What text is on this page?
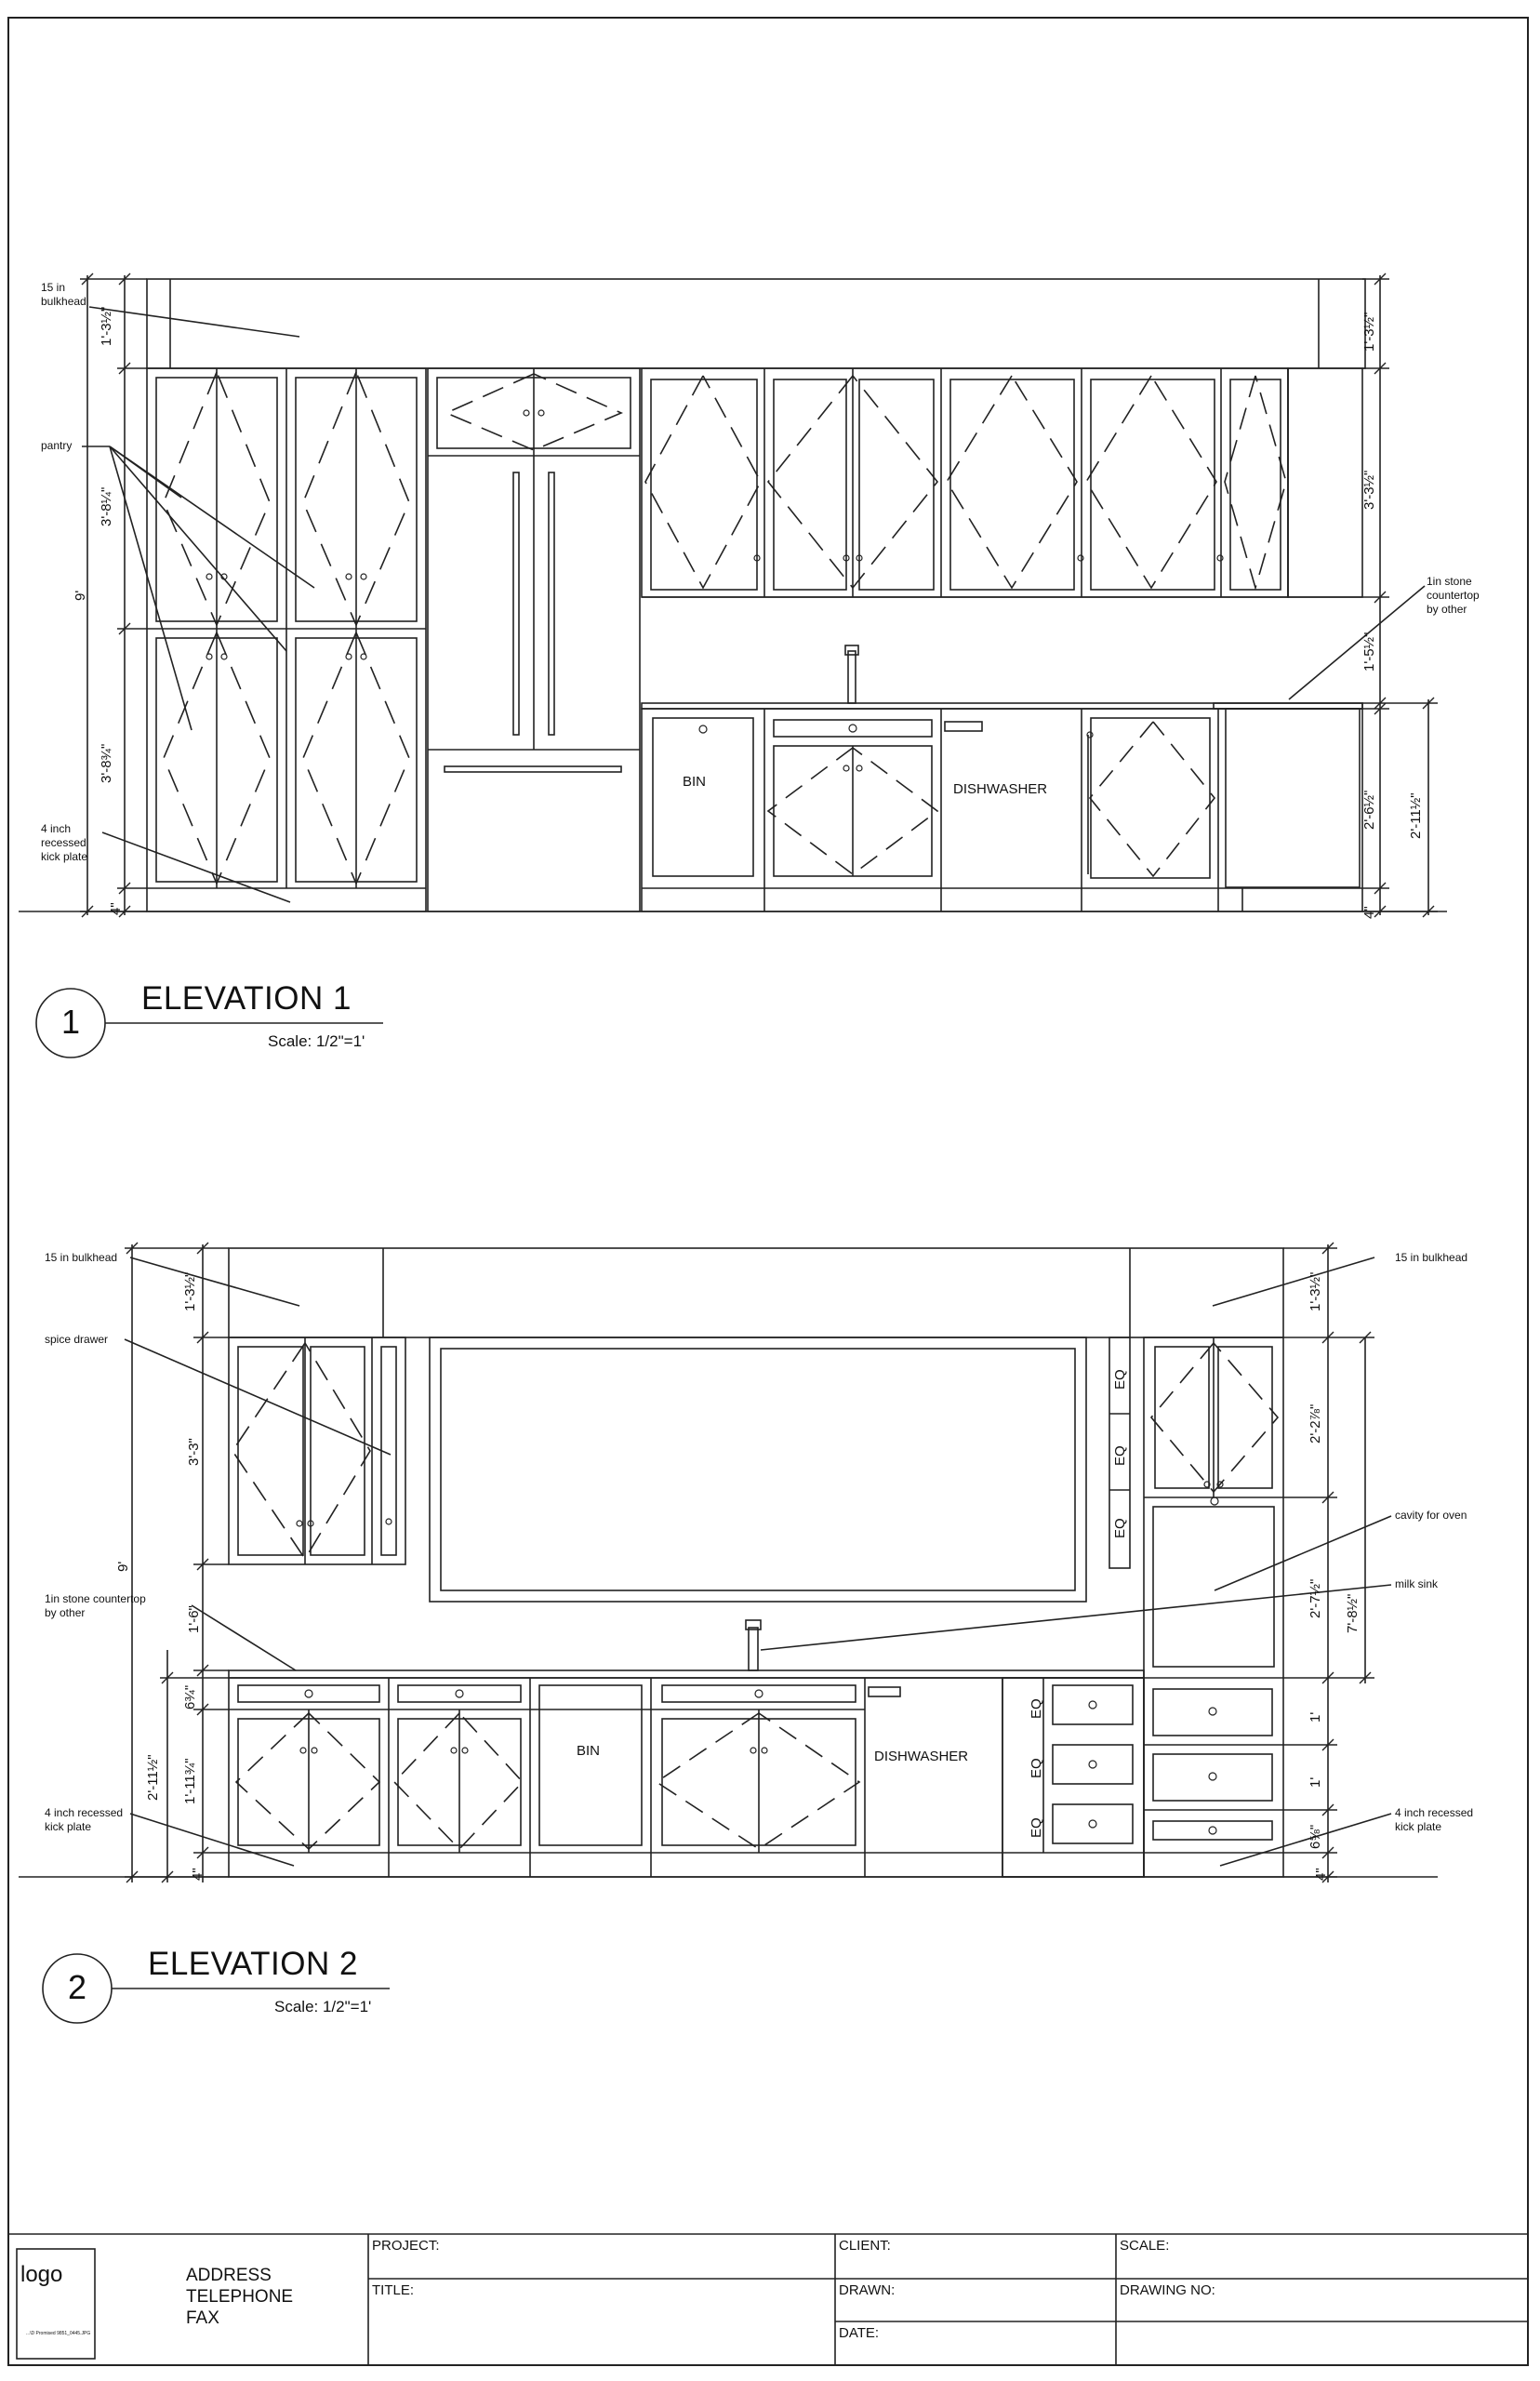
15 in
bulkhead
pantry
4 inch
recessed
kick plate
1in stone
countertop
by other
BIN	DISHWASHER
1'-3½"
3'-8¼"
9'
3'-8¾"
4"
1'-3½"
3'-3½"
1'-5½"
2'-6½" 2'-11½"
4"
1
ELEVATION 1
Scale: 1/2"=1'
15 in bulkhead
spice drawer
1in stone countertop
by other
4 inch recessed
kick plate
15 in bulkhead
cavity for oven
milk sink
4 inch recessed
kick plate
BIN	DISHWASHER
EQ
EQ
EQ
EQ
EQ
EQ
1'-3½"
3'-3"
9'
1'-6"
6¾"
1'-11¾"
2'-11½"
4"
1'-3½"
2'-2⅞"
2'-7½" 7'-8½"
1'
1'
6⅝"
4"
2
ELEVATION 2
Scale: 1/2"=1'
logo
...\D Promised 9851_0445.JPG
ADDRESS
TELEPHONE
FAX
PROJECT:
TITLE:
CLIENT:
DRAWN:
DATE:
SCALE:
DRAWING NO:
